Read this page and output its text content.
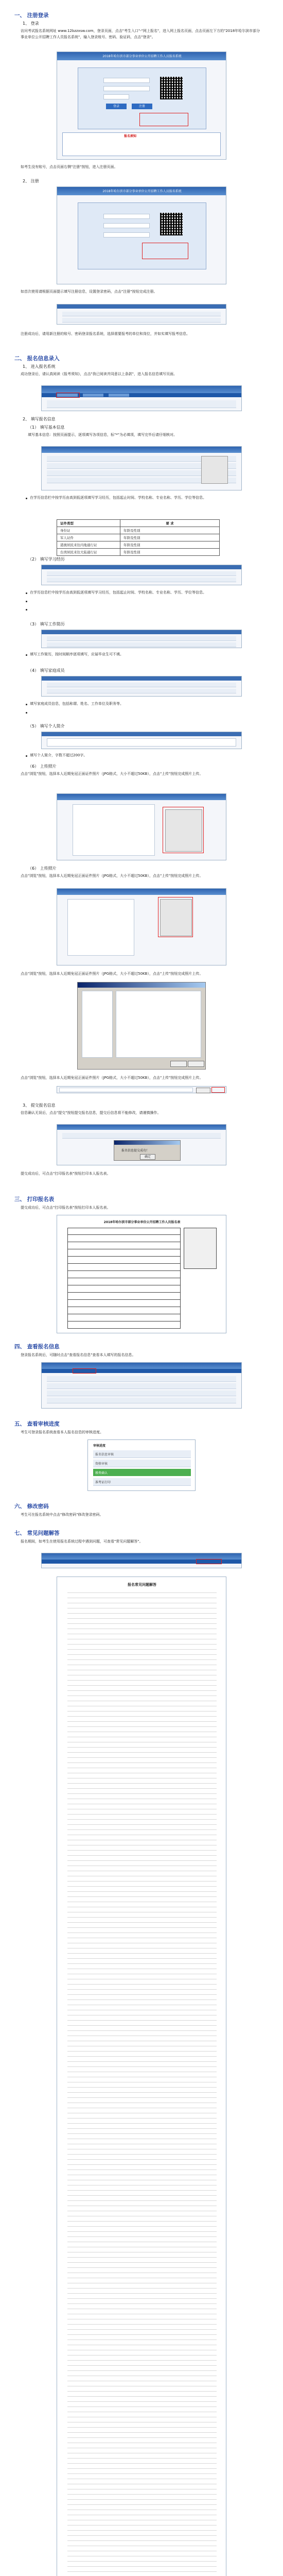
一、 注册登录
1、 登录
访问考试报名系统网址 www.12bzzxsw.com，登录页面，点击"考生入口"-"网上报名"，进入网上报名页面，点击页面左下方的"2018年哈尔滨市部分事业单位公开招聘工作人员报名系统"，输入登录账号、密码、验证码，点击"登录"。
2018年哈尔滨市部分事业单位公开招聘工作人员报名系统
登录	注册
报名须知
如考生没有账号，点击页面右侧"注册"按钮，进入注册页面。
2、 注册
2018年哈尔滨市部分事业单位公开招聘工作人员报名系统
如首次使用请根据页面提示填写注册信息，设置登录密码，点击"注册"按钮完成注册。
注册成功后，请用新注册的账号、密码登录报名系统，选择需要报考的单位和岗位，并如实填写报考信息。
二、 报名信息录入
1、 进入报名系统
成功登录后，请认真阅读《报考须知》，点击"我已阅读并同意以上条款"，进入报名信息填写页面。
2、 填写报名信息
（1） 填写基本信息
填写基本信息：按照页面提示，逐项填写各项信息，标"*"为必填项，填写完毕后请仔细核对。
在学历信息栏中按学历由高到低逐项填写学习经历，包括起止时间、学校名称、专业名称、学历、学位等信息。
证件类型	要 求
身份证	年龄及性别
军人证件	年龄及性别
港澳居民来往内地通行证	年龄及性别
台湾居民来往大陆通行证	年龄及性别
（2） 填写学习经历
在学历信息栏中按学历由高到低逐项填写学习经历，包括起止时间、学校名称、专业名称、学历、学位等信息。
（3） 填写工作简历
填写工作简历，按时间顺序逐项填写，应届毕业生可不填。
（4） 填写家庭成员
填写家庭成员信息，包括称谓、姓名、工作单位及职务等。
（5） 填写个人简介
填写个人简介，字数不超过200字。
（6） 上传照片
点击"浏览"按钮，选择本人近期免冠正面证件照片（JPG格式，大小不超过50KB），点击"上传"按钮完成照片上传。
（6） 上传照片
点击"浏览"按钮，选择本人近期免冠正面证件照片（JPG格式，大小不超过50KB），点击"上传"按钮完成照片上传。
点击"浏览"按钮，选择本人近期免冠正面证件照片（JPG格式，大小不超过50KB），点击"上传"按钮完成照片上传。
点击"浏览"按钮，选择本人近期免冠正面证件照片（JPG格式，大小不超过50KB），点击"上传"按钮完成照片上传。
3、 提交报名信息
信息确认无误后，点击"提交"按钮提交报名信息，提交后信息将不能修改，请谨慎操作。
报名信息提交成功！
确定
提交成功后，可点击"打印报名表"按钮打印本人报名表。
三、 打印报名表
提交成功后，可点击"打印报名表"按钮打印本人报名表。
2018年哈尔滨市部分事业单位公开招聘工作人员报名表
四、 查看报名信息
登录报名系统后，可随时点击"查看报名信息"查看本人填写的报名信息。
五、 查看审核进度
考生可登录报名系统查看本人报名信息的审核进度。
审核进度
报名信息审核
资格审核
缴费确认
准考证打印
六、 修改密码
考生可在报名系统中点击"修改密码"修改登录密码。
七、 常见问题解答
报名期间，如考生在使用报名系统过程中遇到问题，可查看"常见问题解答"。
报名常见问题解答
